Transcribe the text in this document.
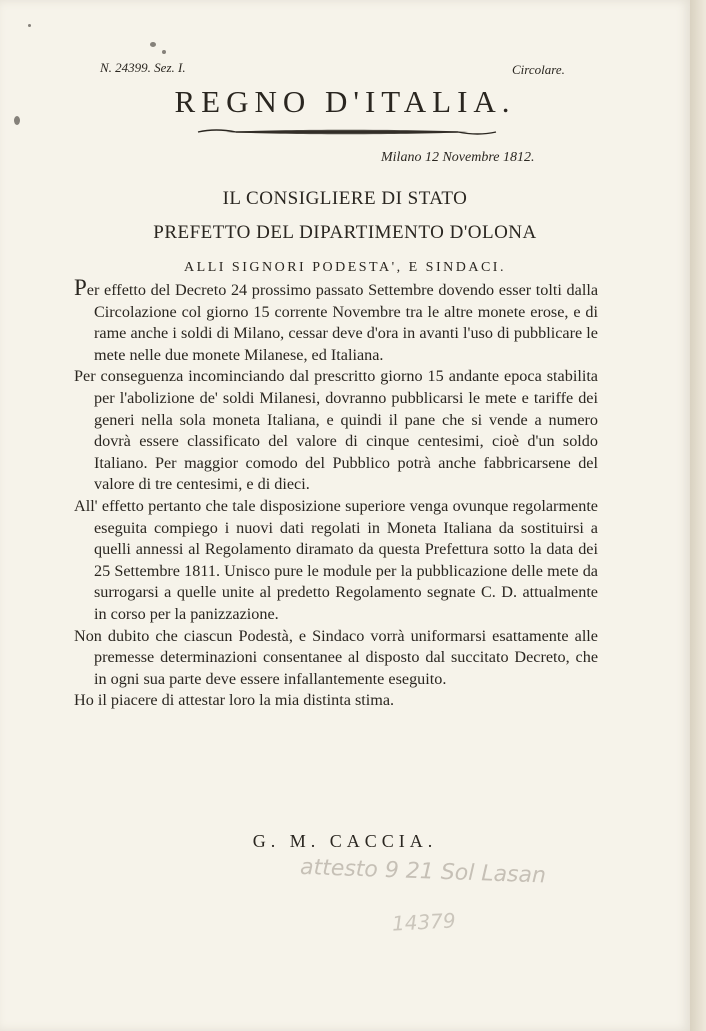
N. 24399. Sez. I.	Circolare.
REGNO D'ITALIA.
Milano 12 Novembre 1812.
IL CONSIGLIERE DI STATO
PREFETTO DEL DIPARTIMENTO D'OLONA
ALLI SIGNORI PODESTA', E SINDACI.

Per effetto del Decreto 24 prossimo passato Settembre dovendo esser tolti dalla Circolazione col giorno 15 corrente Novembre tra le altre monete erose, e di rame anche i soldi di Milano, cessar deve d'ora in avanti l'uso di pubblicare le mete nelle due monete Milanese, ed Italiana.

Per conseguenza incominciando dal prescritto giorno 15 andante epoca stabilita per l'abolizione de' soldi Milanesi, dovranno pubblicarsi le mete e tariffe dei generi nella sola moneta Italiana, e quindi il pane che si vende a numero dovrà essere classificato del valore di cinque centesimi, cioè d'un soldo Italiano. Per maggior comodo del Pubblico potrà anche fabbricarsene del valore di tre centesimi, e di dieci.

All' effetto pertanto che tale disposizione superiore venga ovunque regolarmente eseguita compiego i nuovi dati regolati in Moneta Italiana da sostituirsi a quelli annessi al Regolamento diramato da questa Prefettura sotto la data dei 25 Settembre 1811. Unisco pure le module per la pubblicazione delle mete da surrogarsi a quelle unite al predetto Regolamento segnate C. D. attualmente in corso per la panizzazione.

Non dubito che ciascun Podestà, e Sindaco vorrà uniformarsi esattamente alle premesse determinazioni consentanee al disposto dal succitato Decreto, che in ogni sua parte deve essere infallantemente eseguito.

Ho il piacere di attestar loro la mia distinta stima.

G. M. CACCIA.
attesto 9 21 Sol Lasan
14379
